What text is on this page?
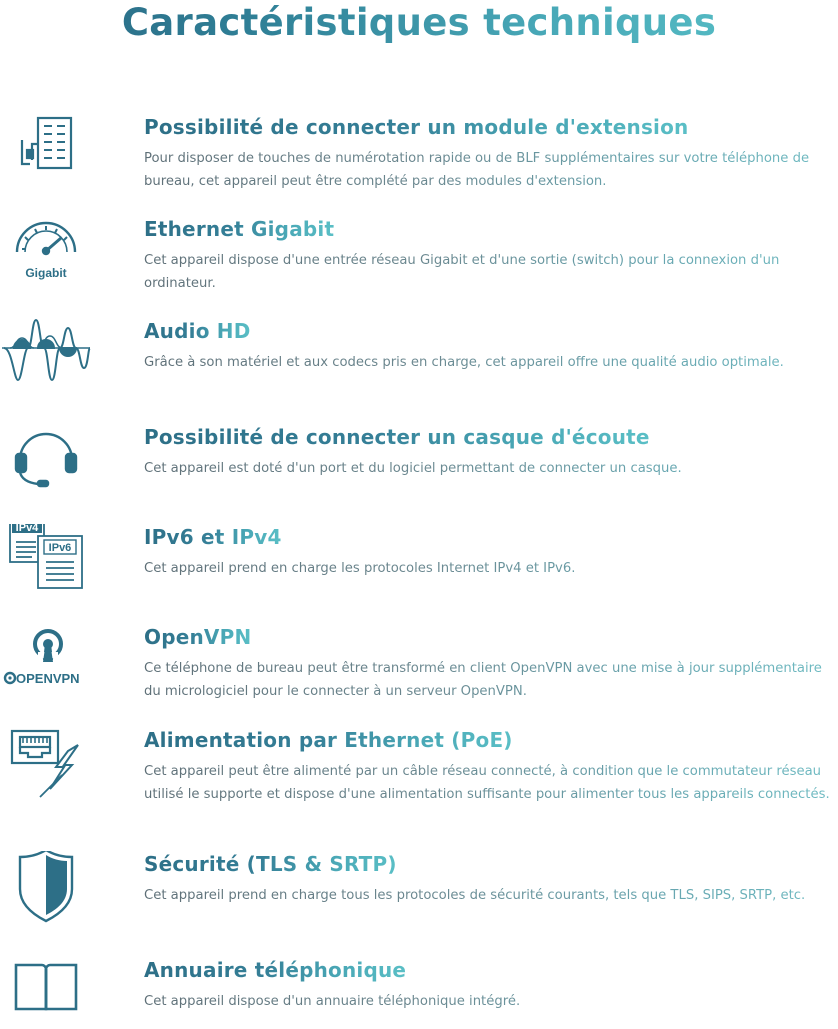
Caractéristiques techniques
Possibilité de connecter un module d'extension

Pour disposer de touches de numérotation rapide ou de BLF supplémentaires sur votre téléphone de bureau, cet appareil peut être complété par des modules d'extension.

Gigabit
Ethernet Gigabit

Cet appareil dispose d'une entrée réseau Gigabit et d'une sortie (switch) pour la connexion d'un ordinateur.

Audio HD

Grâce à son matériel et aux codecs pris en charge, cet appareil offre une qualité audio optimale.

Possibilité de connecter un casque d'écoute

Cet appareil est doté d'un port et du logiciel permettant de connecter un casque.

IPv4
IPv6	IPv6 et IPv4

Cet appareil prend en charge les protocoles Internet IPv4 et IPv6.

OPENVPN
OpenVPN

Ce téléphone de bureau peut être transformé en client OpenVPN avec une mise à jour supplémentaire du micrologiciel pour le connecter à un serveur OpenVPN.

Alimentation par Ethernet (PoE)

Cet appareil peut être alimenté par un câble réseau connecté, à condition que le commutateur réseau utilisé le supporte et dispose d'une alimentation suffisante pour alimenter tous les appareils connectés.

Sécurité (TLS & SRTP)

Cet appareil prend en charge tous les protocoles de sécurité courants, tels que TLS, SIPS, SRTP, etc.

Annuaire téléphonique

Cet appareil dispose d'un annuaire téléphonique intégré.
